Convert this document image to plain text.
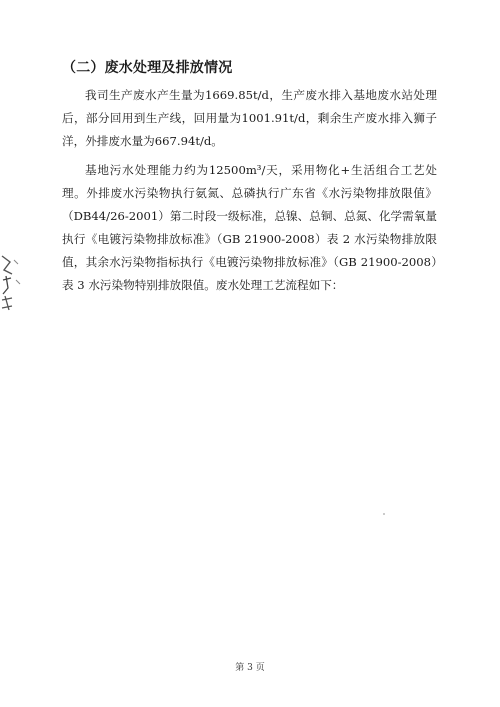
（二）废水处理及排放情况
我司生产废水产生量为1669.85t/d，生产废水排入基地废水站处理后，部分回用到生产线，回用量为1001.91t/d，剩余生产废水排入狮子洋，外排废水量为667.94t/d。
基地污水处理能力约为12500m³/天，采用物化+生活组合工艺处理。外排废水污染物执行氨氮、总磷执行广东省《水污染物排放限值》（DB44/26-2001）第二时段一级标准，总镍、总铜、总氮、化学需氧量执行《电镀污染物排放标准》（GB 21900-2008）表 2 水污染物排放限值，其余水污染物指标执行《电镀污染物排放标准》（GB 21900-2008）表 3 水污染物特别排放限值。废水处理工艺流程如下：
第 3 页
